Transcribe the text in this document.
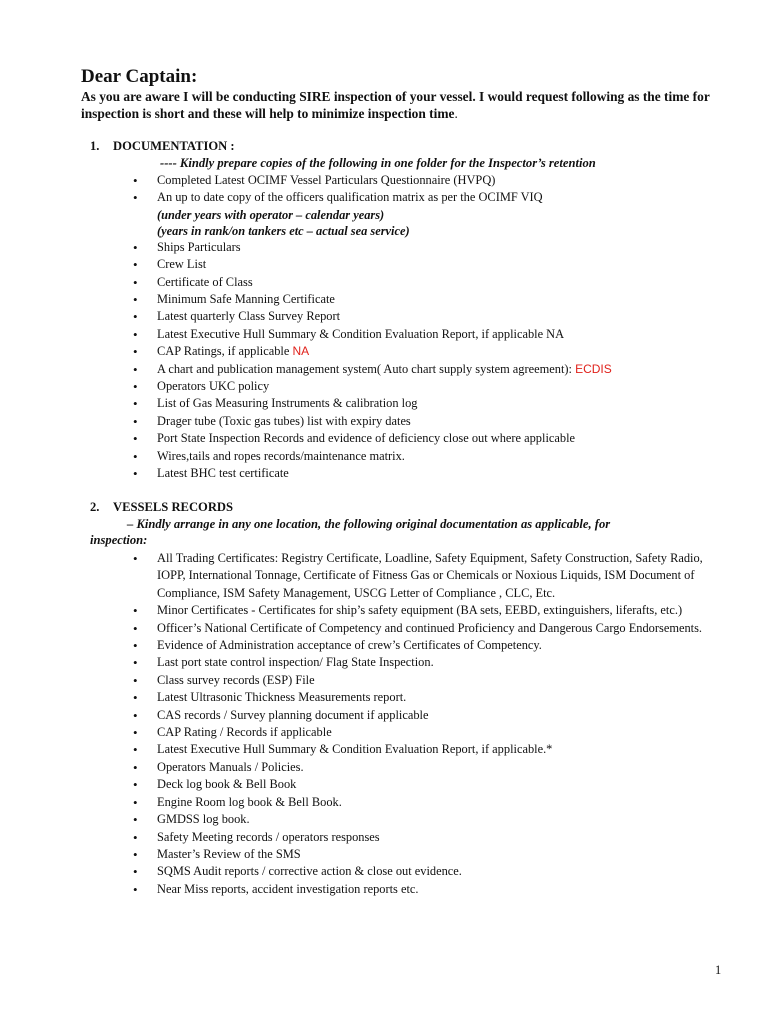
Dear Captain:

As you are aware I will be conducting SIRE inspection of your vessel. I would request following as the time for inspection is short and these will help to minimize inspection time.

1. DOCUMENTATION :

---- Kindly prepare copies of the following in one folder for the Inspector’s retention

• Completed Latest OCIMF Vessel Particulars Questionnaire (HVPQ)
• An up to date copy of the officers qualification matrix as per the OCIMF VIQ
(under years with operator – calendar years)
(years in rank/on tankers etc – actual sea service)
• Ships Particulars
• Crew List
• Certificate of Class
• Minimum Safe Manning Certificate
• Latest quarterly Class Survey Report
• Latest Executive Hull Summary & Condition Evaluation Report, if applicable NA
• CAP Ratings, if applicable NA
• A chart and publication management system( Auto chart supply system agreement): ECDIS
• Operators UKC policy
• List of Gas Measuring Instruments & calibration log
• Drager tube (Toxic gas tubes) list with expiry dates
• Port State Inspection Records and evidence of deficiency close out where applicable
• Wires,tails and ropes records/maintenance matrix.
• Latest BHC test certificate

2. VESSELS RECORDS

– Kindly arrange in any one location, the following original documentation as applicable, for

inspection:

• All Trading Certificates: Registry Certificate, Loadline, Safety Equipment, Safety Construction, Safety Radio, IOPP, International Tonnage, Certificate of Fitness Gas or Chemicals or Noxious Liquids, ISM Document of Compliance, ISM Safety Management, USCG Letter of Compliance , CLC, Etc.
• Minor Certificates - Certificates for ship’s safety equipment (BA sets, EEBD, extinguishers, liferafts, etc.)
• Officer’s National Certificate of Competency and continued Proficiency and Dangerous Cargo Endorsements.
• Evidence of Administration acceptance of crew’s Certificates of Competency.
• Last port state control inspection/ Flag State Inspection.
• Class survey records (ESP) File
• Latest Ultrasonic Thickness Measurements report.
• CAS records / Survey planning document if applicable
• CAP Rating / Records if applicable
• Latest Executive Hull Summary & Condition Evaluation Report, if applicable.*
• Operators Manuals / Policies.
• Deck log book & Bell Book
• Engine Room log book & Bell Book.
• GMDSS log book.
• Safety Meeting records / operators responses
• Master’s Review of the SMS
• SQMS Audit reports / corrective action & close out evidence.
• Near Miss reports, accident investigation reports etc.
1
